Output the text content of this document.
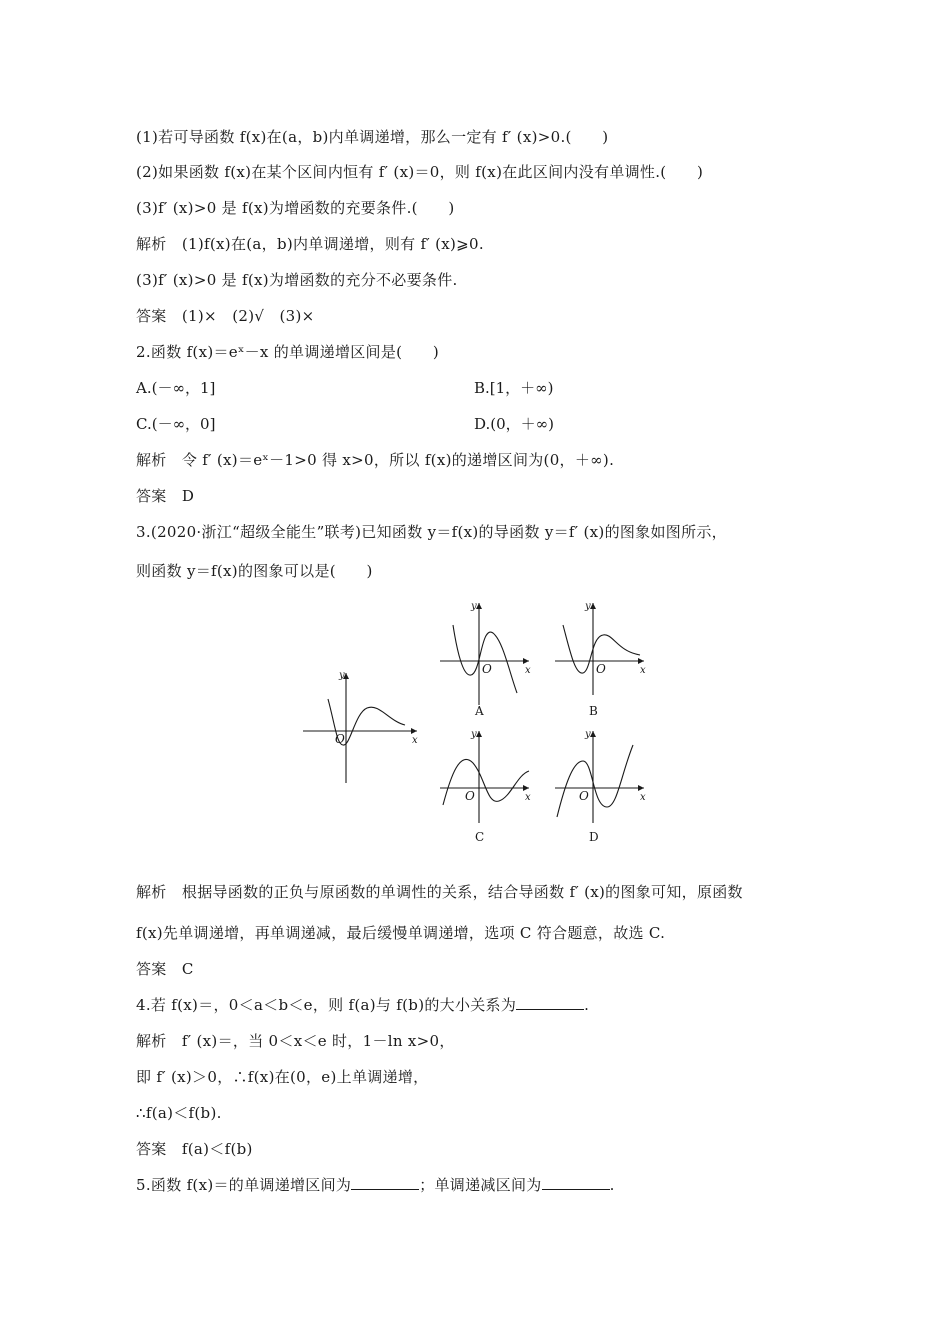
(1)若可导函数 f(x)在(a，b)内单调递增，那么一定有 f′ (x)>0.(　　)
(2)如果函数 f(x)在某个区间内恒有 f′ (x)＝0，则 f(x)在此区间内没有单调性.(　　)
(3)f′ (x)>0 是 f(x)为增函数的充要条件.(　　)
解析　(1)f(x)在(a，b)内单调递增，则有 f′ (x)⩾0.
(3)f′ (x)>0 是 f(x)为增函数的充分不必要条件.
答案　(1)×　(2)√　(3)×
2.函数 f(x)＝eˣ－x 的单调递增区间是(　　)
A.(－∞，1]	B.[1，＋∞)
C.(－∞，0]	D.(0，＋∞)
解析　令 f′ (x)＝eˣ－1>0 得 x>0，所以 f(x)的递增区间为(0，＋∞).
答案　D
3.(2020·浙江“超级全能生”联考)已知函数 y＝f(x)的导函数 y＝f′ (x)的图象如图所示，
则函数 y＝f(x)的图象可以是(　　)
y
x
O
y
x
O
y
x
O
y
x
O
y
x
O
A	B
C	D
解析　根据导函数的正负与原函数的单调性的关系，结合导函数 f′ (x)的图象可知，原函数
f(x)先单调递增，再单调递减，最后缓慢单调递增，选项 C 符合题意，故选 C.
答案　C
4.若 f(x)＝，0＜a＜b＜e，则 f(a)与 f(b)的大小关系为	.
解析　f′ (x)＝，当 0＜x＜e 时，1－ln x>0，
即 f′ (x)＞0，∴f(x)在(0，e)上单调递增，
∴f(a)＜f(b).
答案　f(a)＜f(b)
5.函数 f(x)＝的单调递增区间为	；单调递减区间为	.
